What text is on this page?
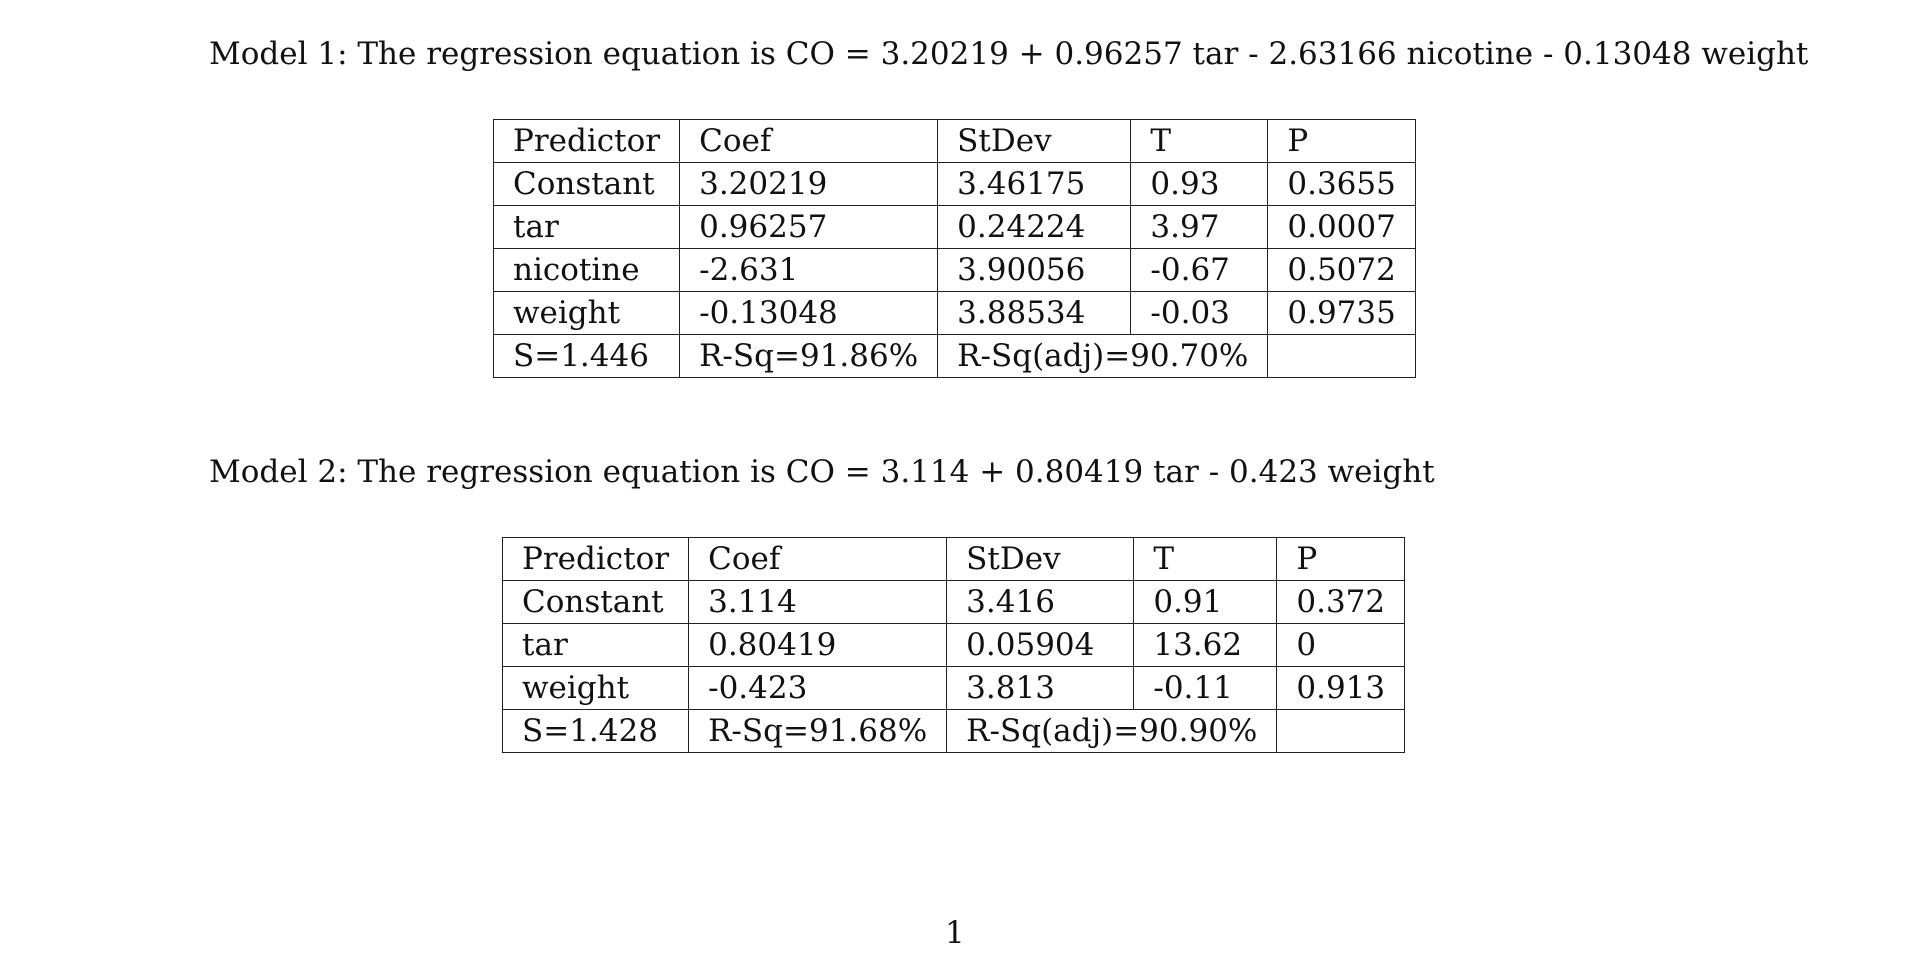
Model 1: The regression equation is CO = 3.20219 + 0.96257 tar - 2.63166 nicotine - 0.13048 weight
Predictor	Coef	StDev	T	P
Constant	3.20219	3.46175	0.93	0.3655
tar	0.96257	0.24224	3.97	0.0007
nicotine	-2.631	3.90056	-0.67	0.5072
weight	-0.13048	3.88534	-0.03	0.9735
S=1.446	R-Sq=91.86%	R-Sq(adj)=90.70%		
Model 2: The regression equation is CO = 3.114 + 0.80419 tar - 0.423 weight
Predictor	Coef	StDev	T	P
Constant	3.114	3.416	0.91	0.372
tar	0.80419	0.05904	13.62	0
weight	-0.423	3.813	-0.11	0.913
S=1.428	R-Sq=91.68%	R-Sq(adj)=90.90%		
1
